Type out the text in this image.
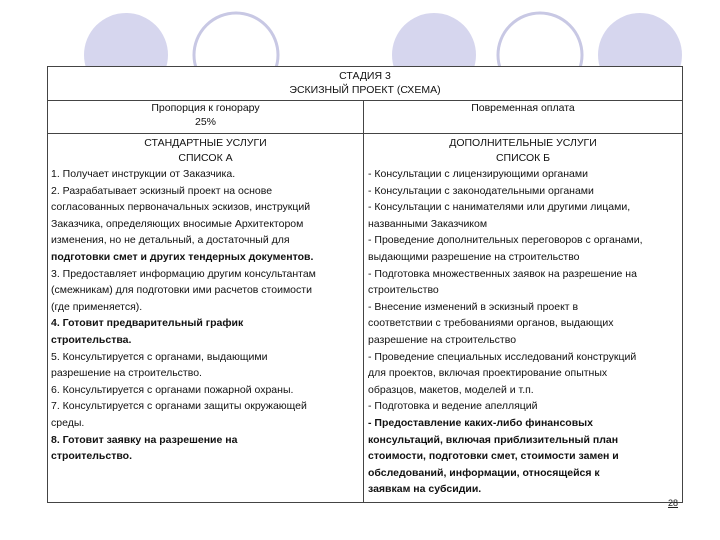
СТАДИЯ 3
ЭСКИЗНЫЙ ПРОЕКТ (СХЕМА)
Пропорция к гонорару
25%
СТАНДАРТНЫЕ УСЛУГИ
СПИСОК А
1. Получает инструкции от Заказчика.
2. Разрабатывает эскизный проект на основе
согласованных первоначальных эскизов, инструкций
Заказчика, определяющих вносимые Архитектором
изменения, но не детальный, а достаточный для
подготовки смет и других тендерных документов.
3. Предоставляет информацию другим консультантам
(смежникам) для подготовки ими расчетов стоимости
(где применяется).
4. Готовит предварительный график
строительства.
5. Консультируется с органами, выдающими
разрешение на строительство.
6. Консультируется с органами пожарной охраны.
7. Консультируется с органами защиты окружающей
среды.
8. Готовит заявку на разрешение на
строительство.
Повременная оплата
ДОПОЛНИТЕЛЬНЫЕ УСЛУГИ
СПИСОК Б
- Консультации с лицензирующими органами
- Консультации с законодательными органами
- Консультации с нанимателями или другими лицами,
названными Заказчиком
- Проведение дополнительных переговоров с органами,
выдающими разрешение на строительство
- Подготовка множественных заявок на разрешение на
строительство
- Внесение изменений в эскизный проект в
соответствии с требованиями органов, выдающих
разрешение на строительство
- Проведение специальных исследований конструкций
для проектов, включая проектирование опытных
образцов, макетов, моделей и т.п.
- Подготовка и ведение апелляций
- Предоставление каких-либо финансовых
консультаций, включая приблизительный план
стоимости, подготовки смет, стоимости замен и
обследований, информации, относящейся к
заявкам на субсидии.
28
